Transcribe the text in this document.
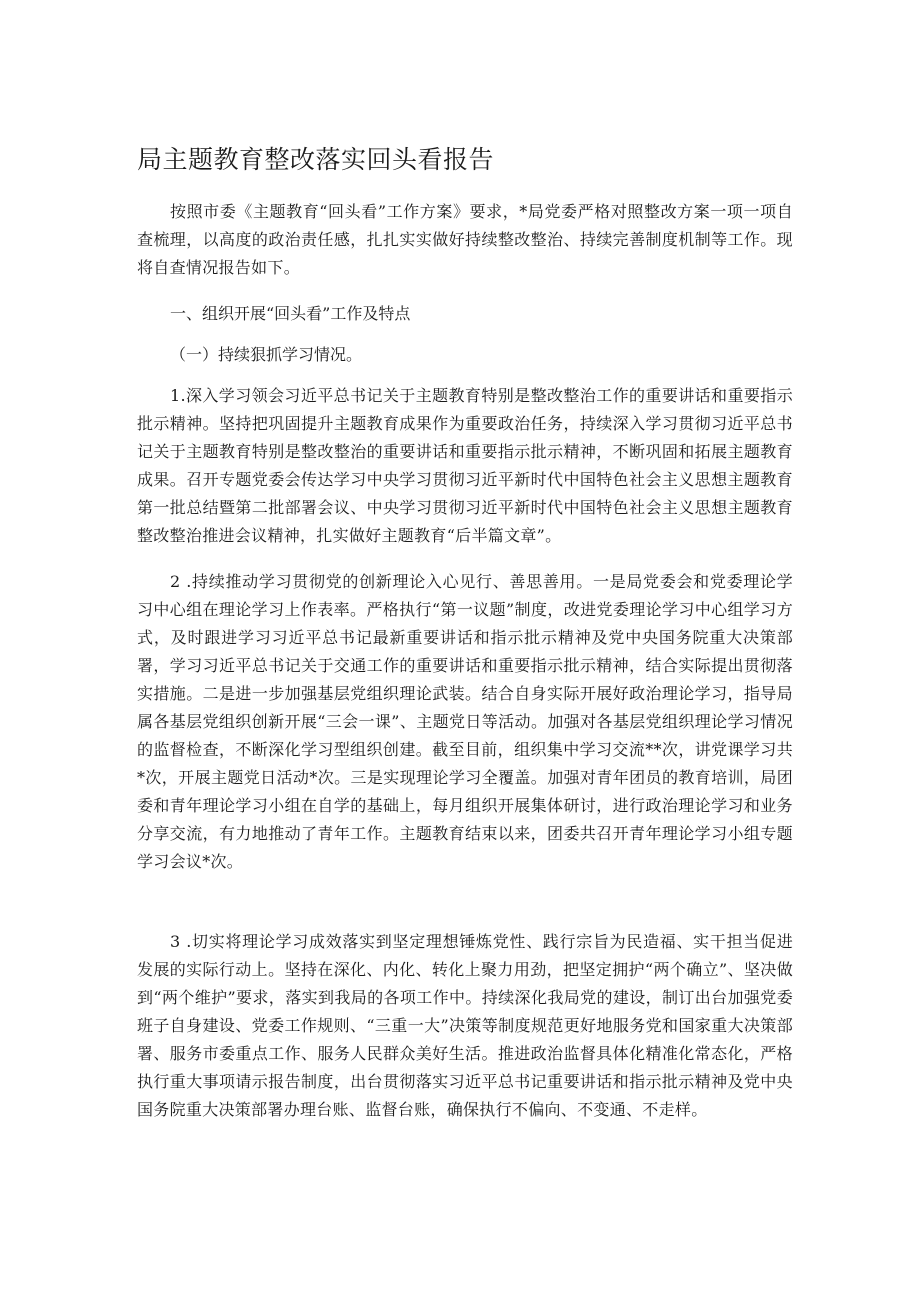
局主题教育整改落实回头看报告

按照市委《主题教育“回头看”工作方案》要求，*局党委严格对照整改方案一项一项自查梳理，以高度的政治责任感，扎扎实实做好持续整改整治、持续完善制度机制等工作。现将自查情况报告如下。

一、组织开展“回头看”工作及特点

（一）持续狠抓学习情况。

1.深入学习领会习近平总书记关于主题教育特别是整改整治工作的重要讲话和重要指示批示精神。坚持把巩固提升主题教育成果作为重要政治任务，持续深入学习贯彻习近平总书记关于主题教育特别是整改整治的重要讲话和重要指示批示精神，不断巩固和拓展主题教育成果。召开专题党委会传达学习中央学习贯彻习近平新时代中国特色社会主义思想主题教育第一批总结暨第二批部署会议、中央学习贯彻习近平新时代中国特色社会主义思想主题教育整改整治推进会议精神，扎实做好主题教育“后半篇文章”。

2 .持续推动学习贯彻党的创新理论入心见行、善思善用。一是局党委会和党委理论学习中心组在理论学习上作表率。严格执行“第一议题”制度，改进党委理论学习中心组学习方式，及时跟进学习习近平总书记最新重要讲话和指示批示精神及党中央国务院重大决策部署，学习习近平总书记关于交通工作的重要讲话和重要指示批示精神，结合实际提出贯彻落实措施。二是进一步加强基层党组织理论武装。结合自身实际开展好政治理论学习，指导局属各基层党组织创新开展“三会一课”、主题党日等活动。加强对各基层党组织理论学习情况的监督检查，不断深化学习型组织创建。截至目前，组织集中学习交流**次，讲党课学习共*次，开展主题党日活动*次。三是实现理论学习全覆盖。加强对青年团员的教育培训，局团委和青年理论学习小组在自学的基础上，每月组织开展集体研讨，进行政治理论学习和业务分享交流，有力地推动了青年工作。主题教育结束以来，团委共召开青年理论学习小组专题学习会议*次。

3 .切实将理论学习成效落实到坚定理想锤炼党性、践行宗旨为民造福、实干担当促进发展的实际行动上。坚持在深化、内化、转化上聚力用劲，把坚定拥护“两个确立”、坚决做到“两个维护”要求，落实到我局的各项工作中。持续深化我局党的建设，制订出台加强党委班子自身建设、党委工作规则、“三重一大”决策等制度规范更好地服务党和国家重大决策部署、服务市委重点工作、服务人民群众美好生活。推进政治监督具体化精准化常态化，严格执行重大事项请示报告制度，出台贯彻落实习近平总书记重要讲话和指示批示精神及党中央国务院重大决策部署办理台账、监督台账，确保执行不偏向、不变通、不走样。
